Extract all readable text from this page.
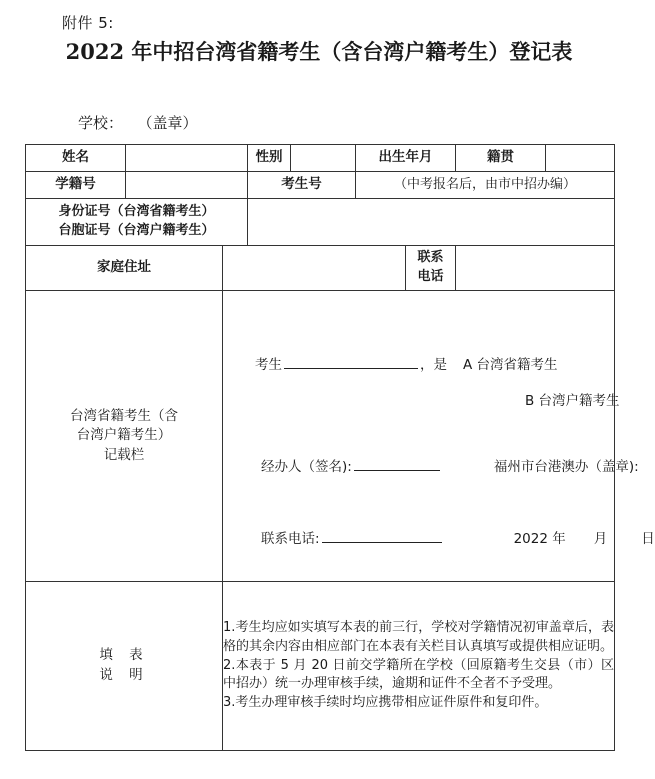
附件 5:
2022 年中招台湾省籍考生（含台湾户籍考生）登记表
学校： （盖章）
姓名			性别		出生年月		籍贯	
学籍号			考生号		（中考报名后，由市中招办编）			

身份证号（台湾省籍考生）
台胞证号（台湾户籍考生）								

家庭住址						联系
电话		

台湾省籍考生（含
台湾户籍考生）
记载栏

考生	，是 A 台湾省籍考生
B 台湾户籍考生
经办人（签名):	福州市台港澳办（盖章):
联系电话:	2022 年 月	日

填 表
说 明

1.考生均应如实填写本表的前三行，学校对学籍情况初审盖章后，表格的其余内容由相应部门在本表有关栏目认真填写或提供相应证明。

2.本表于 5 月 20 日前交学籍所在学校（回原籍考生交县（市）区中招办）统一办理审核手续，逾期和证件不全者不予受理。

3.考生办理审核手续时均应携带相应证件原件和复印件。
